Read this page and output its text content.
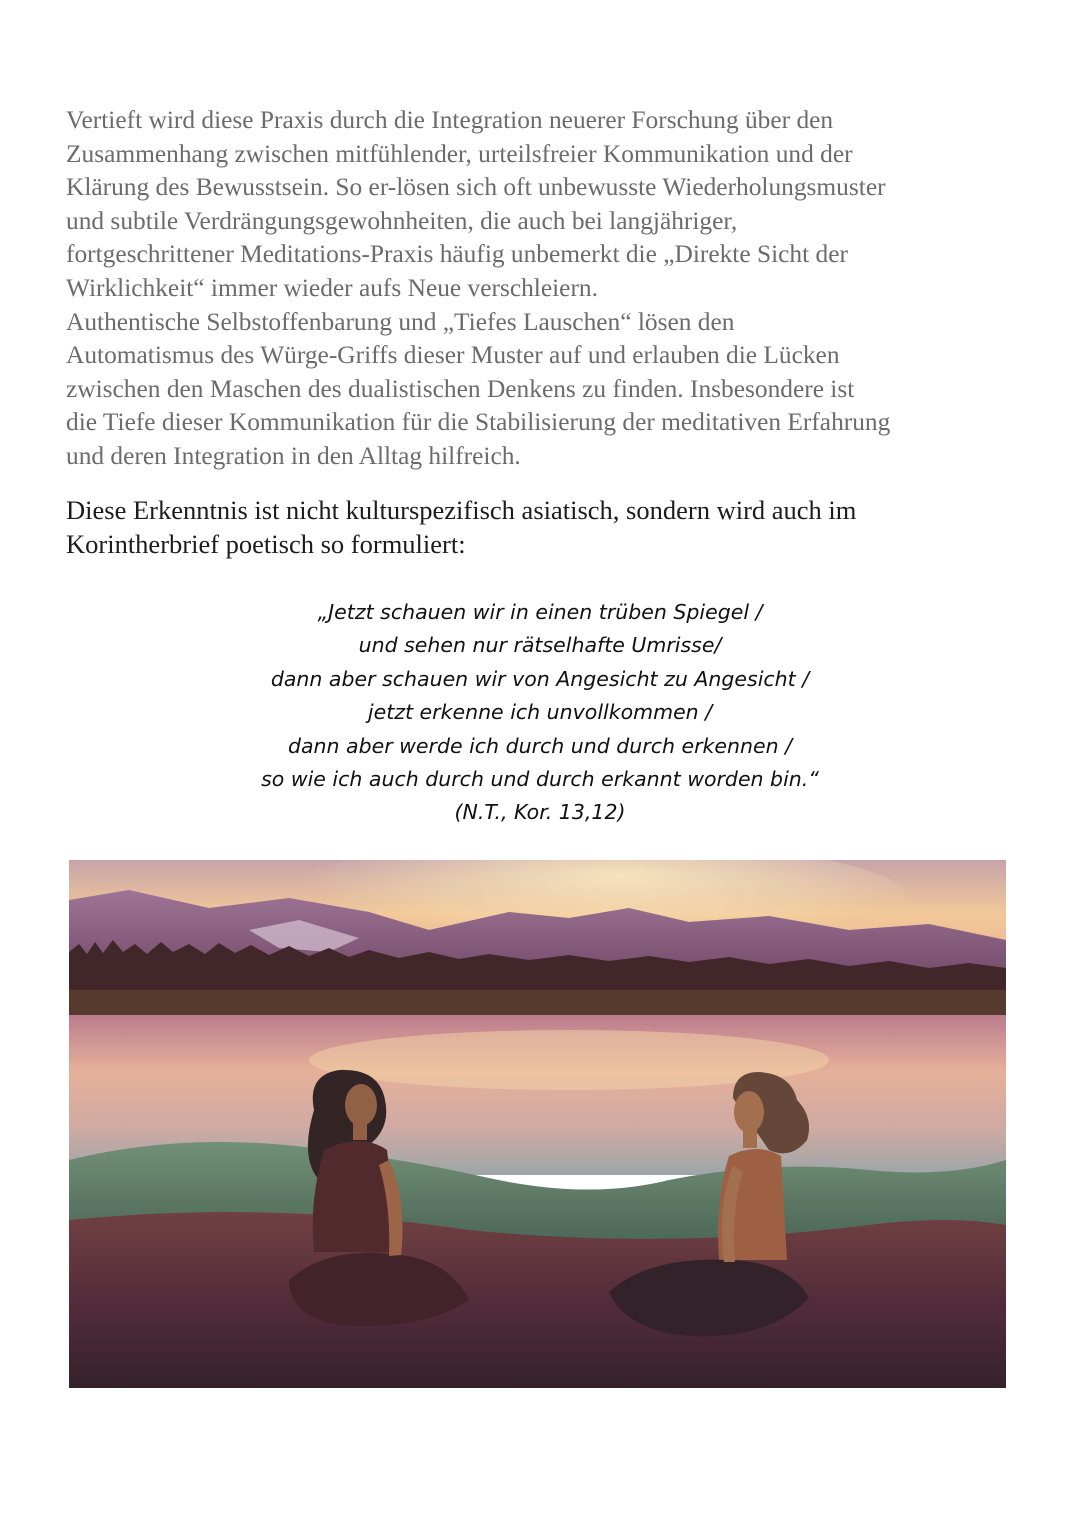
Vertieft wird diese Praxis durch die Integration neuerer Forschung über den
Zusammenhang zwischen mitfühlender, urteilsfreier Kommunikation und der
Klärung des Bewusstsein. So er-lösen sich oft unbewusste Wiederholungsmuster
und subtile Verdrängungsgewohnheiten, die auch bei langjähriger,
fortgeschrittener Meditations-Praxis häufig unbemerkt die „Direkte Sicht der
Wirklichkeit“ immer wieder aufs Neue verschleiern.
Authentische Selbstoffenbarung und „Tiefes Lauschen“ lösen den
Automatismus des Würge-Griffs dieser Muster auf und erlauben die Lücken
zwischen den Maschen des dualistischen Denkens zu finden. Insbesondere ist
die Tiefe dieser Kommunikation für die Stabilisierung der meditativen Erfahrung
und deren Integration in den Alltag hilfreich.
Diese Erkenntnis ist nicht kulturspezifisch asiatisch, sondern wird auch im
Korintherbrief poetisch so formuliert:
„Jetzt schauen wir in einen trüben Spiegel /
und sehen nur rätselhafte Umrisse/
dann aber schauen wir von Angesicht zu Angesicht /
jetzt erkenne ich unvollkommen /
dann aber werde ich durch und durch erkennen /
so wie ich auch durch und durch erkannt worden bin.“
(N.T., Kor. 13,12)
